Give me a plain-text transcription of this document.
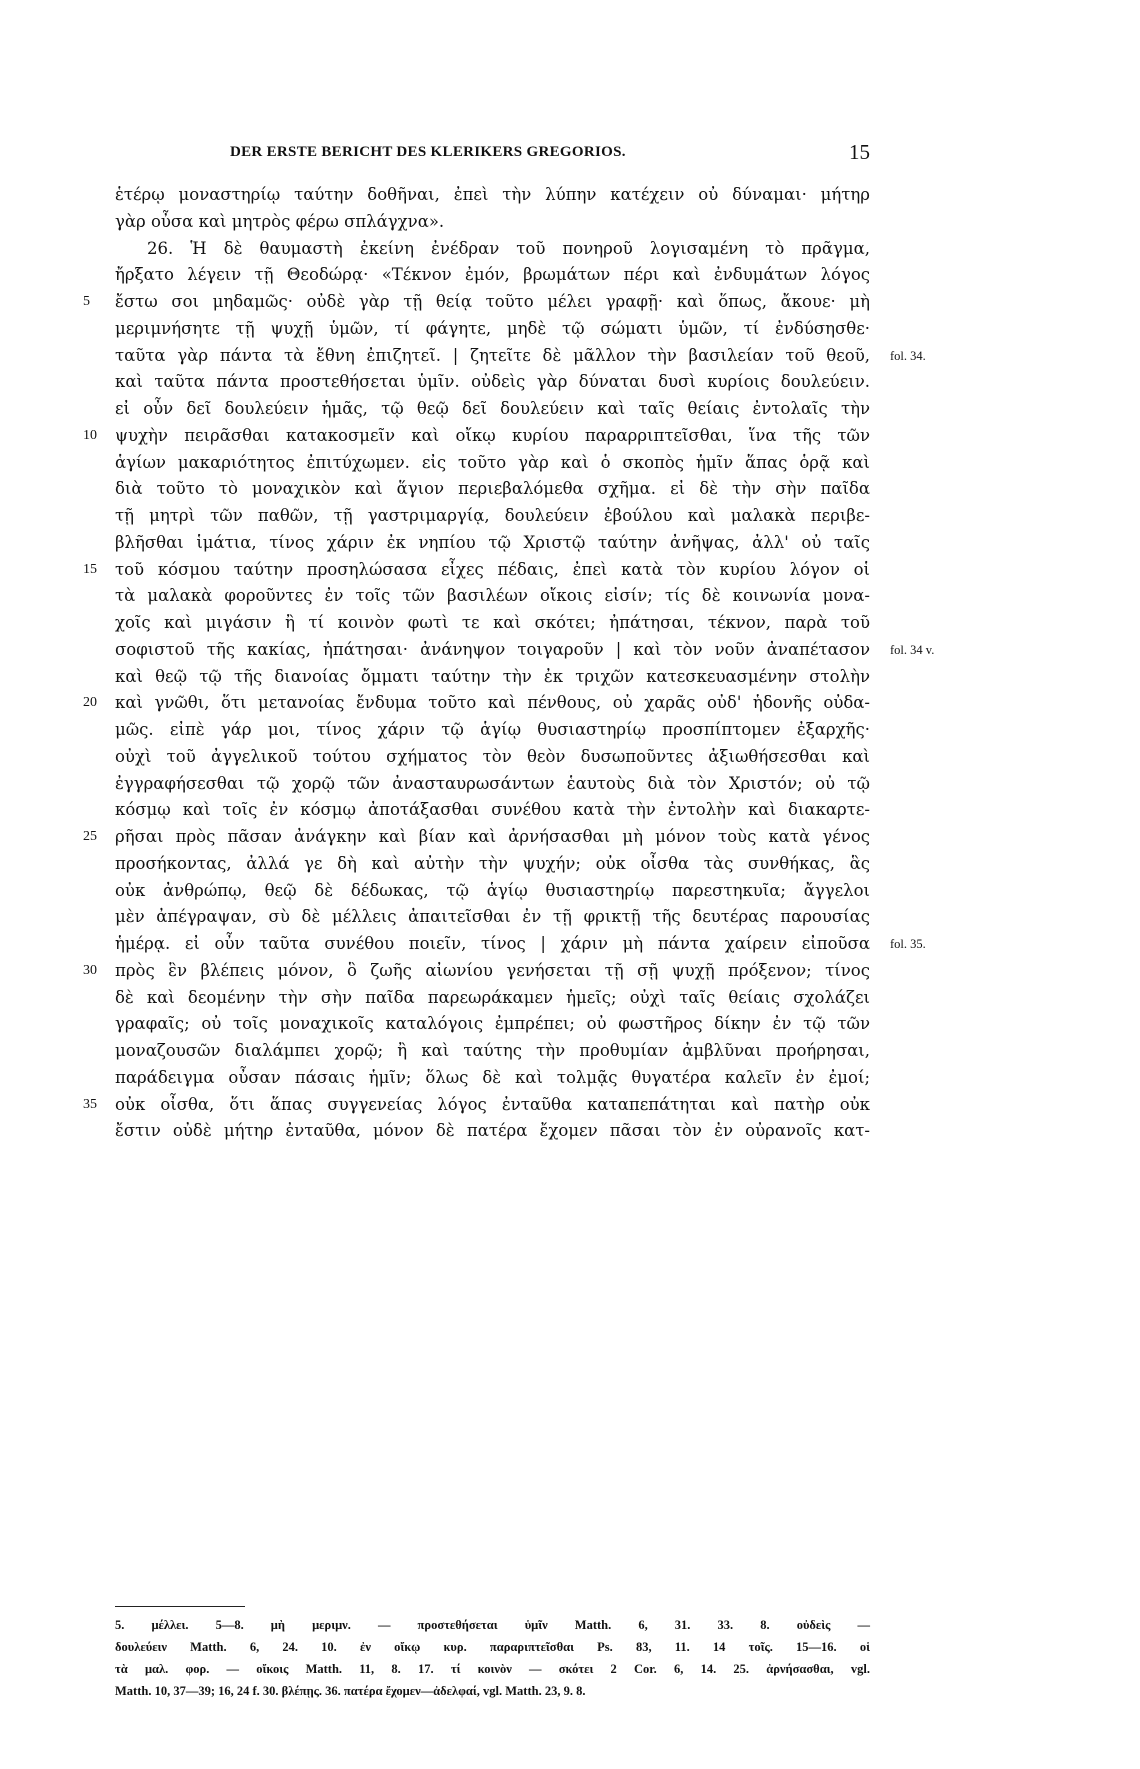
DER ERSTE BERICHT DES KLERIKERS GREGORIOS.	15
ἑτέρῳ μοναστηρίῳ ταύτην δοθῆναι, ἐπεὶ τὴν λύπην κατέχειν οὐ δύναμαι· μήτηρ
γὰρ οὖσα καὶ μητρὸς φέρω σπλάγχνα».
26. Ἡ δὲ θαυμαστὴ ἐκείνη ἐνέδραν τοῦ πονηροῦ λογισαμένη τὸ πρᾶγμα,
ἤρξατο λέγειν τῇ Θεοδώρᾳ· «Τέκνον ἐμόν, βρωμάτων πέρι καὶ ἐνδυμάτων λόγος
5 ἔστω σοι μηδαμῶς· οὐδὲ γὰρ τῇ θείᾳ τοῦτο μέλει γραφῇ· καὶ ὅπως, ἄκουε· μὴ
μεριμνήσητε τῇ ψυχῇ ὑμῶν, τί φάγητε, μηδὲ τῷ σώματι ὑμῶν, τί ἐνδύσησθε·
ταῦτα γὰρ πάντα τὰ ἔθνη ἐπιζητεῖ. | ζητεῖτε δὲ μᾶλλον τὴν βασιλείαν τοῦ θεοῦ, fol. 34.
καὶ ταῦτα πάντα προστεθήσεται ὑμῖν. οὐδεὶς γὰρ δύναται δυσὶ κυρίοις δουλεύειν.
εἰ οὖν δεῖ δουλεύειν ἡμᾶς, τῷ θεῷ δεῖ δουλεύειν καὶ ταῖς θείαις ἐντολαῖς τὴν
10 ψυχὴν πειρᾶσθαι κατακοσμεῖν καὶ οἴκῳ κυρίου παραρριπτεῖσθαι, ἵνα τῆς τῶν
ἁγίων μακαριότητος ἐπιτύχωμεν. εἰς τοῦτο γὰρ καὶ ὁ σκοπὸς ἡμῖν ἅπας ὁρᾷ καὶ
διὰ τοῦτο τὸ μοναχικὸν καὶ ἅγιον περιεβαλόμεθα σχῆμα. εἰ δὲ τὴν σὴν παῖδα
τῇ μητρὶ τῶν παθῶν, τῇ γαστριμαργίᾳ, δουλεύειν ἐβούλου καὶ μαλακὰ περιβε-
βλῆσθαι ἱμάτια, τίνος χάριν ἐκ νηπίου τῷ Χριστῷ ταύτην ἀνῆψας, ἀλλ' οὐ ταῖς
15 τοῦ κόσμου ταύτην προσηλώσασα εἶχες πέδαις, ἐπεὶ κατὰ τὸν κυρίου λόγον οἱ
τὰ μαλακὰ φοροῦντες ἐν τοῖς τῶν βασιλέων οἴκοις εἰσίν; τίς δὲ κοινωνία μονα-
χοῖς καὶ μιγάσιν ἢ τί κοινὸν φωτὶ τε καὶ σκότει; ἠπάτησαι, τέκνον, παρὰ τοῦ
σοφιστοῦ τῆς κακίας, ἠπάτησαι· ἀνάνηψον τοιγαροῦν | καὶ τὸν νοῦν ἀναπέτασον fol. 34 v.
καὶ θεῷ τῷ τῆς διανοίας ὄμματι ταύτην τὴν ἐκ τριχῶν κατεσκευασμένην στολὴν
20 καὶ γνῶθι, ὅτι μετανοίας ἔνδυμα τοῦτο καὶ πένθους, οὐ χαρᾶς οὐδ' ἡδονῆς οὐδα-
μῶς. εἰπὲ γάρ μοι, τίνος χάριν τῷ ἁγίῳ θυσιαστηρίῳ προσπίπτομεν ἐξαρχῆς·
οὐχὶ τοῦ ἀγγελικοῦ τούτου σχήματος τὸν θεὸν δυσωποῦντες ἀξιωθήσεσθαι καὶ
ἐγγραφήσεσθαι τῷ χορῷ τῶν ἀνασταυρωσάντων ἑαυτοὺς διὰ τὸν Χριστόν; οὐ τῷ
κόσμῳ καὶ τοῖς ἐν κόσμῳ ἀποτάξασθαι συνέθου κατὰ τὴν ἐντολὴν καὶ διακαρτε-
25 ρῆσαι πρὸς πᾶσαν ἀνάγκην καὶ βίαν καὶ ἀρνήσασθαι μὴ μόνον τοὺς κατὰ γένος
προσήκοντας, ἀλλά γε δὴ καὶ αὐτὴν τὴν ψυχήν; οὐκ οἶσθα τὰς συνθήκας, ἃς
οὐκ ἀνθρώπῳ, θεῷ δὲ δέδωκας, τῷ ἁγίῳ θυσιαστηρίῳ παρεστηκυῖα; ἄγγελοι
μὲν ἀπέγραψαν, σὺ δὲ μέλλεις ἀπαιτεῖσθαι ἐν τῇ φρικτῇ τῆς δευτέρας παρουσίας
ἡμέρᾳ. εἰ οὖν ταῦτα συνέθου ποιεῖν, τίνος | χάριν μὴ πάντα χαίρειν εἰποῦσα fol. 35.
30 πρὸς ἓν βλέπεις μόνον, ὃ ζωῆς αἰωνίου γενήσεται τῇ σῇ ψυχῇ πρόξενον; τίνος
δὲ καὶ δεομένην τὴν σὴν παῖδα παρεωράκαμεν ἡμεῖς; οὐχὶ ταῖς θείαις σχολάζει
γραφαῖς; οὐ τοῖς μοναχικοῖς καταλόγοις ἐμπρέπει; οὐ φωστῆρος δίκην ἐν τῷ τῶν
μοναζουσῶν διαλάμπει χορῷ; ἢ καὶ ταύτης τὴν προθυμίαν ἀμβλῦναι προήρησαι,
παράδειγμα οὖσαν πάσαις ἡμῖν; ὅλως δὲ καὶ τολμᾷς θυγατέρα καλεῖν ἐν ἐμοί;
35 οὐκ οἶσθα, ὅτι ἅπας συγγενείας λόγος ἐνταῦθα καταπεπάτηται καὶ πατὴρ οὐκ
ἔστιν οὐδὲ μήτηρ ἐνταῦθα, μόνον δὲ πατέρα ἔχομεν πᾶσαι τὸν ἐν οὐρανοῖς κατ-
5. μέλλει. 5—8. μὴ μεριμν. — προστεθήσεται ὑμῖν Matth. 6, 31. 33. 8. οὐδεὶς —
δουλεύειν Matth. 6, 24. 10. ἐν οἴκῳ κυρ. παραριπτεῖσθαι Ps. 83, 11. 14 τοῖς. 15—16. οἱ
τὰ μαλ. φορ. — οἴκοις Matth. 11, 8. 17. τί κοινὸν — σκότει 2 Cor. 6, 14. 25. ἀρνήσασθαι, vgl.
Matth. 10, 37—39; 16, 24 f. 30. βλέπῃς. 36. πατέρα ἔχομεν—ἀδελφαί, vgl. Matth. 23, 9. 8.
